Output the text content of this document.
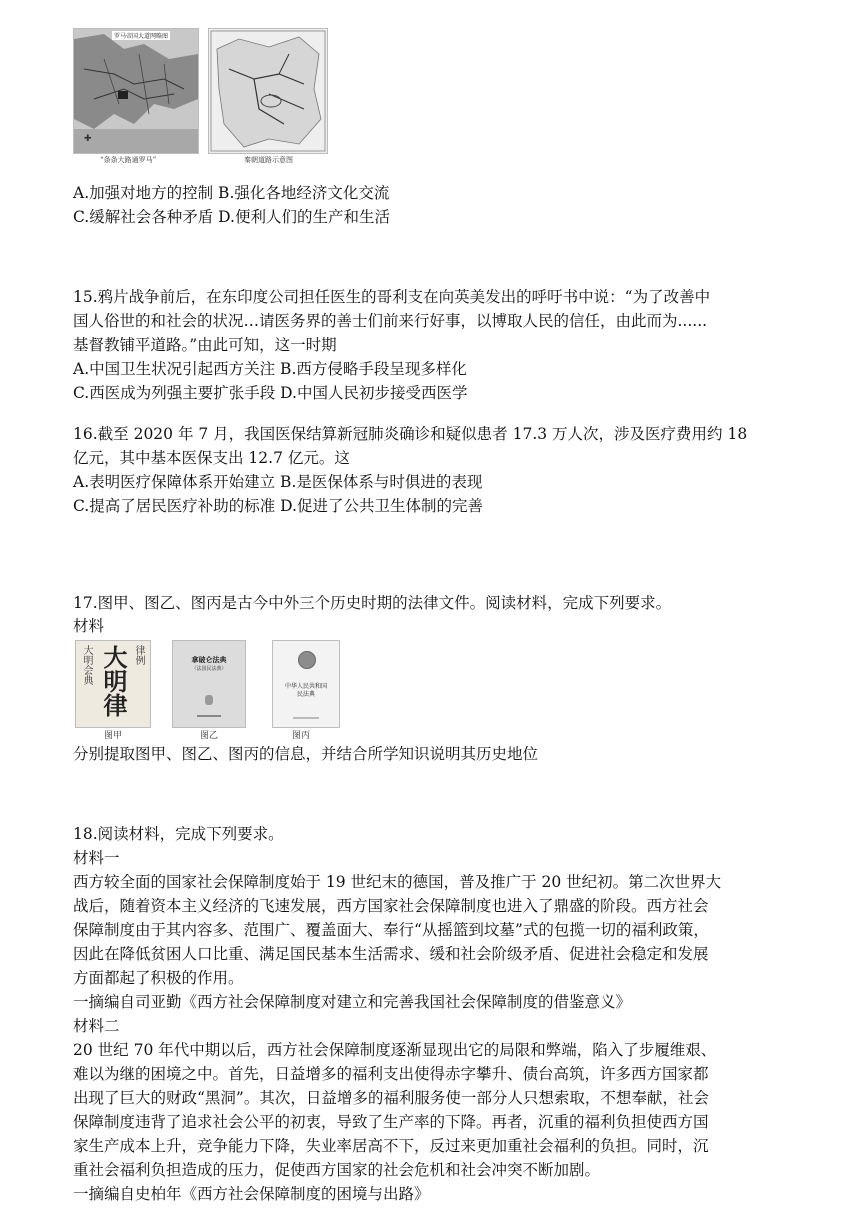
✚
罗马帝国大道网略图
“条条大路通罗马”	秦朝道路示意图
A.加强对地方的控制 B.强化各地经济文化交流
C.缓解社会各种矛盾 D.便利人们的生产和生活
15.鸦片战争前后，在东印度公司担任医生的哥利支在向英美发出的呼吁书中说：“为了改善中
国人俗世的和社会的状况…请医务界的善士们前来行好事，以博取人民的信任，由此而为......
基督教铺平道路。”由此可知，这一时期
A.中国卫生状况引起西方关注 B.西方侵略手段呈现多样化
C.西医成为列强主要扩张手段 D.中国人民初步接受西医学
16.截至 2020 年 7 月，我国医保结算新冠肺炎确诊和疑似患者 17.3 万人次，涉及医疗费用约 18
亿元，其中基本医保支出 12.7 亿元。这
A.表明医疗保障体系开始建立 B.是医保体系与时俱进的表现
C.提高了居民医疗补助的标准 D.促进了公共卫生体制的完善
17.图甲、图乙、图丙是古今中外三个历史时期的法律文件。阅读材料，完成下列要求。
材料
大明会典 大明律 律例
图甲
拿破仑法典
（法国民法典）
图乙
中华人民共和国
民法典
图丙
分别提取图甲、图乙、图丙的信息，并结合所学知识说明其历史地位
18.阅读材料，完成下列要求。
材料一
西方较全面的国家社会保障制度始于 19 世纪末的德国，普及推广于 20 世纪初。第二次世界大
战后，随着资本主义经济的飞速发展，西方国家社会保障制度也进入了鼎盛的阶段。西方社会
保障制度由于其内容多、范围广、覆盖面大、奉行“从摇篮到坟墓”式的包揽一切的福利政策，
因此在降低贫困人口比重、满足国民基本生活需求、缓和社会阶级矛盾、促进社会稳定和发展
方面都起了积极的作用。
一摘编自司亚勤《西方社会保障制度对建立和完善我国社会保障制度的借鉴意义》
材料二
20 世纪 70 年代中期以后，西方社会保障制度逐渐显现出它的局限和弊端，陷入了步履维艰、
难以为继的困境之中。首先，日益增多的福利支出使得赤字攀升、债台高筑，许多西方国家都
出现了巨大的财政“黑洞”。其次，日益增多的福利服务使一部分人只想索取，不想奉献，社会
保障制度违背了追求社会公平的初衷，导致了生产率的下降。再者，沉重的福利负担使西方国
家生产成本上升，竞争能力下降，失业率居高不下，反过来更加重社会福利的负担。同时，沉
重社会福利负担造成的压力，促使西方国家的社会危机和社会冲突不断加剧。
一摘编自史柏年《西方社会保障制度的困境与出路》
